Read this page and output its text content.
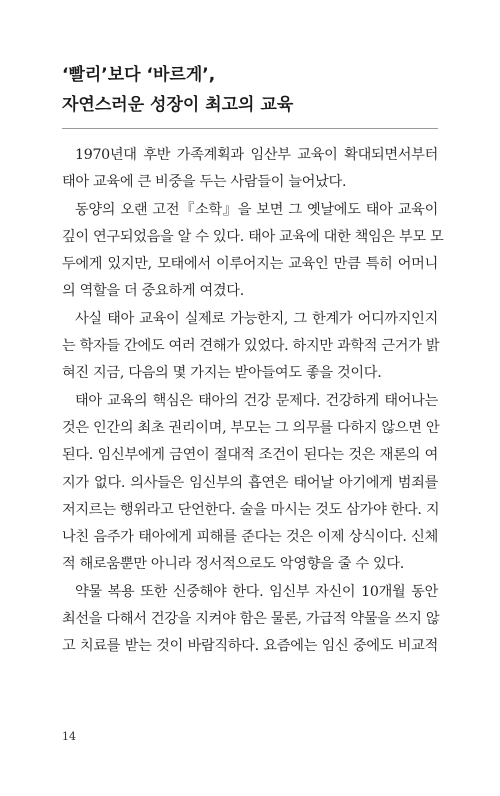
‘빨리’보다 ‘바르게’,
자연스러운 성장이 최고의 교육
1970년대 후반 가족계획과 임산부 교육이 확대되면서부터
태아 교육에 큰 비중을 두는 사람들이 늘어났다.
동양의 오랜 고전『소학』을 보면 그 옛날에도 태아 교육이
깊이 연구되었음을 알 수 있다. 태아 교육에 대한 책임은 부모 모
두에게 있지만, 모태에서 이루어지는 교육인 만큼 특히 어머니
의 역할을 더 중요하게 여겼다.
사실 태아 교육이 실제로 가능한지, 그 한계가 어디까지인지
는 학자들 간에도 여러 견해가 있었다. 하지만 과학적 근거가 밝
혀진 지금, 다음의 몇 가지는 받아들여도 좋을 것이다.
태아 교육의 핵심은 태아의 건강 문제다. 건강하게 태어나는
것은 인간의 최초 권리이며, 부모는 그 의무를 다하지 않으면 안
된다. 임신부에게 금연이 절대적 조건이 된다는 것은 재론의 여
지가 없다. 의사들은 임신부의 흡연은 태어날 아기에게 범죄를
저지르는 행위라고 단언한다. 술을 마시는 것도 삼가야 한다. 지
나친 음주가 태아에게 피해를 준다는 것은 이제 상식이다. 신체
적 해로움뿐만 아니라 정서적으로도 악영향을 줄 수 있다.
약물 복용 또한 신중해야 한다. 임신부 자신이 10개월 동안
최선을 다해서 건강을 지켜야 함은 물론, 가급적 약물을 쓰지 않
고 치료를 받는 것이 바람직하다. 요즘에는 임신 중에도 비교적
14
